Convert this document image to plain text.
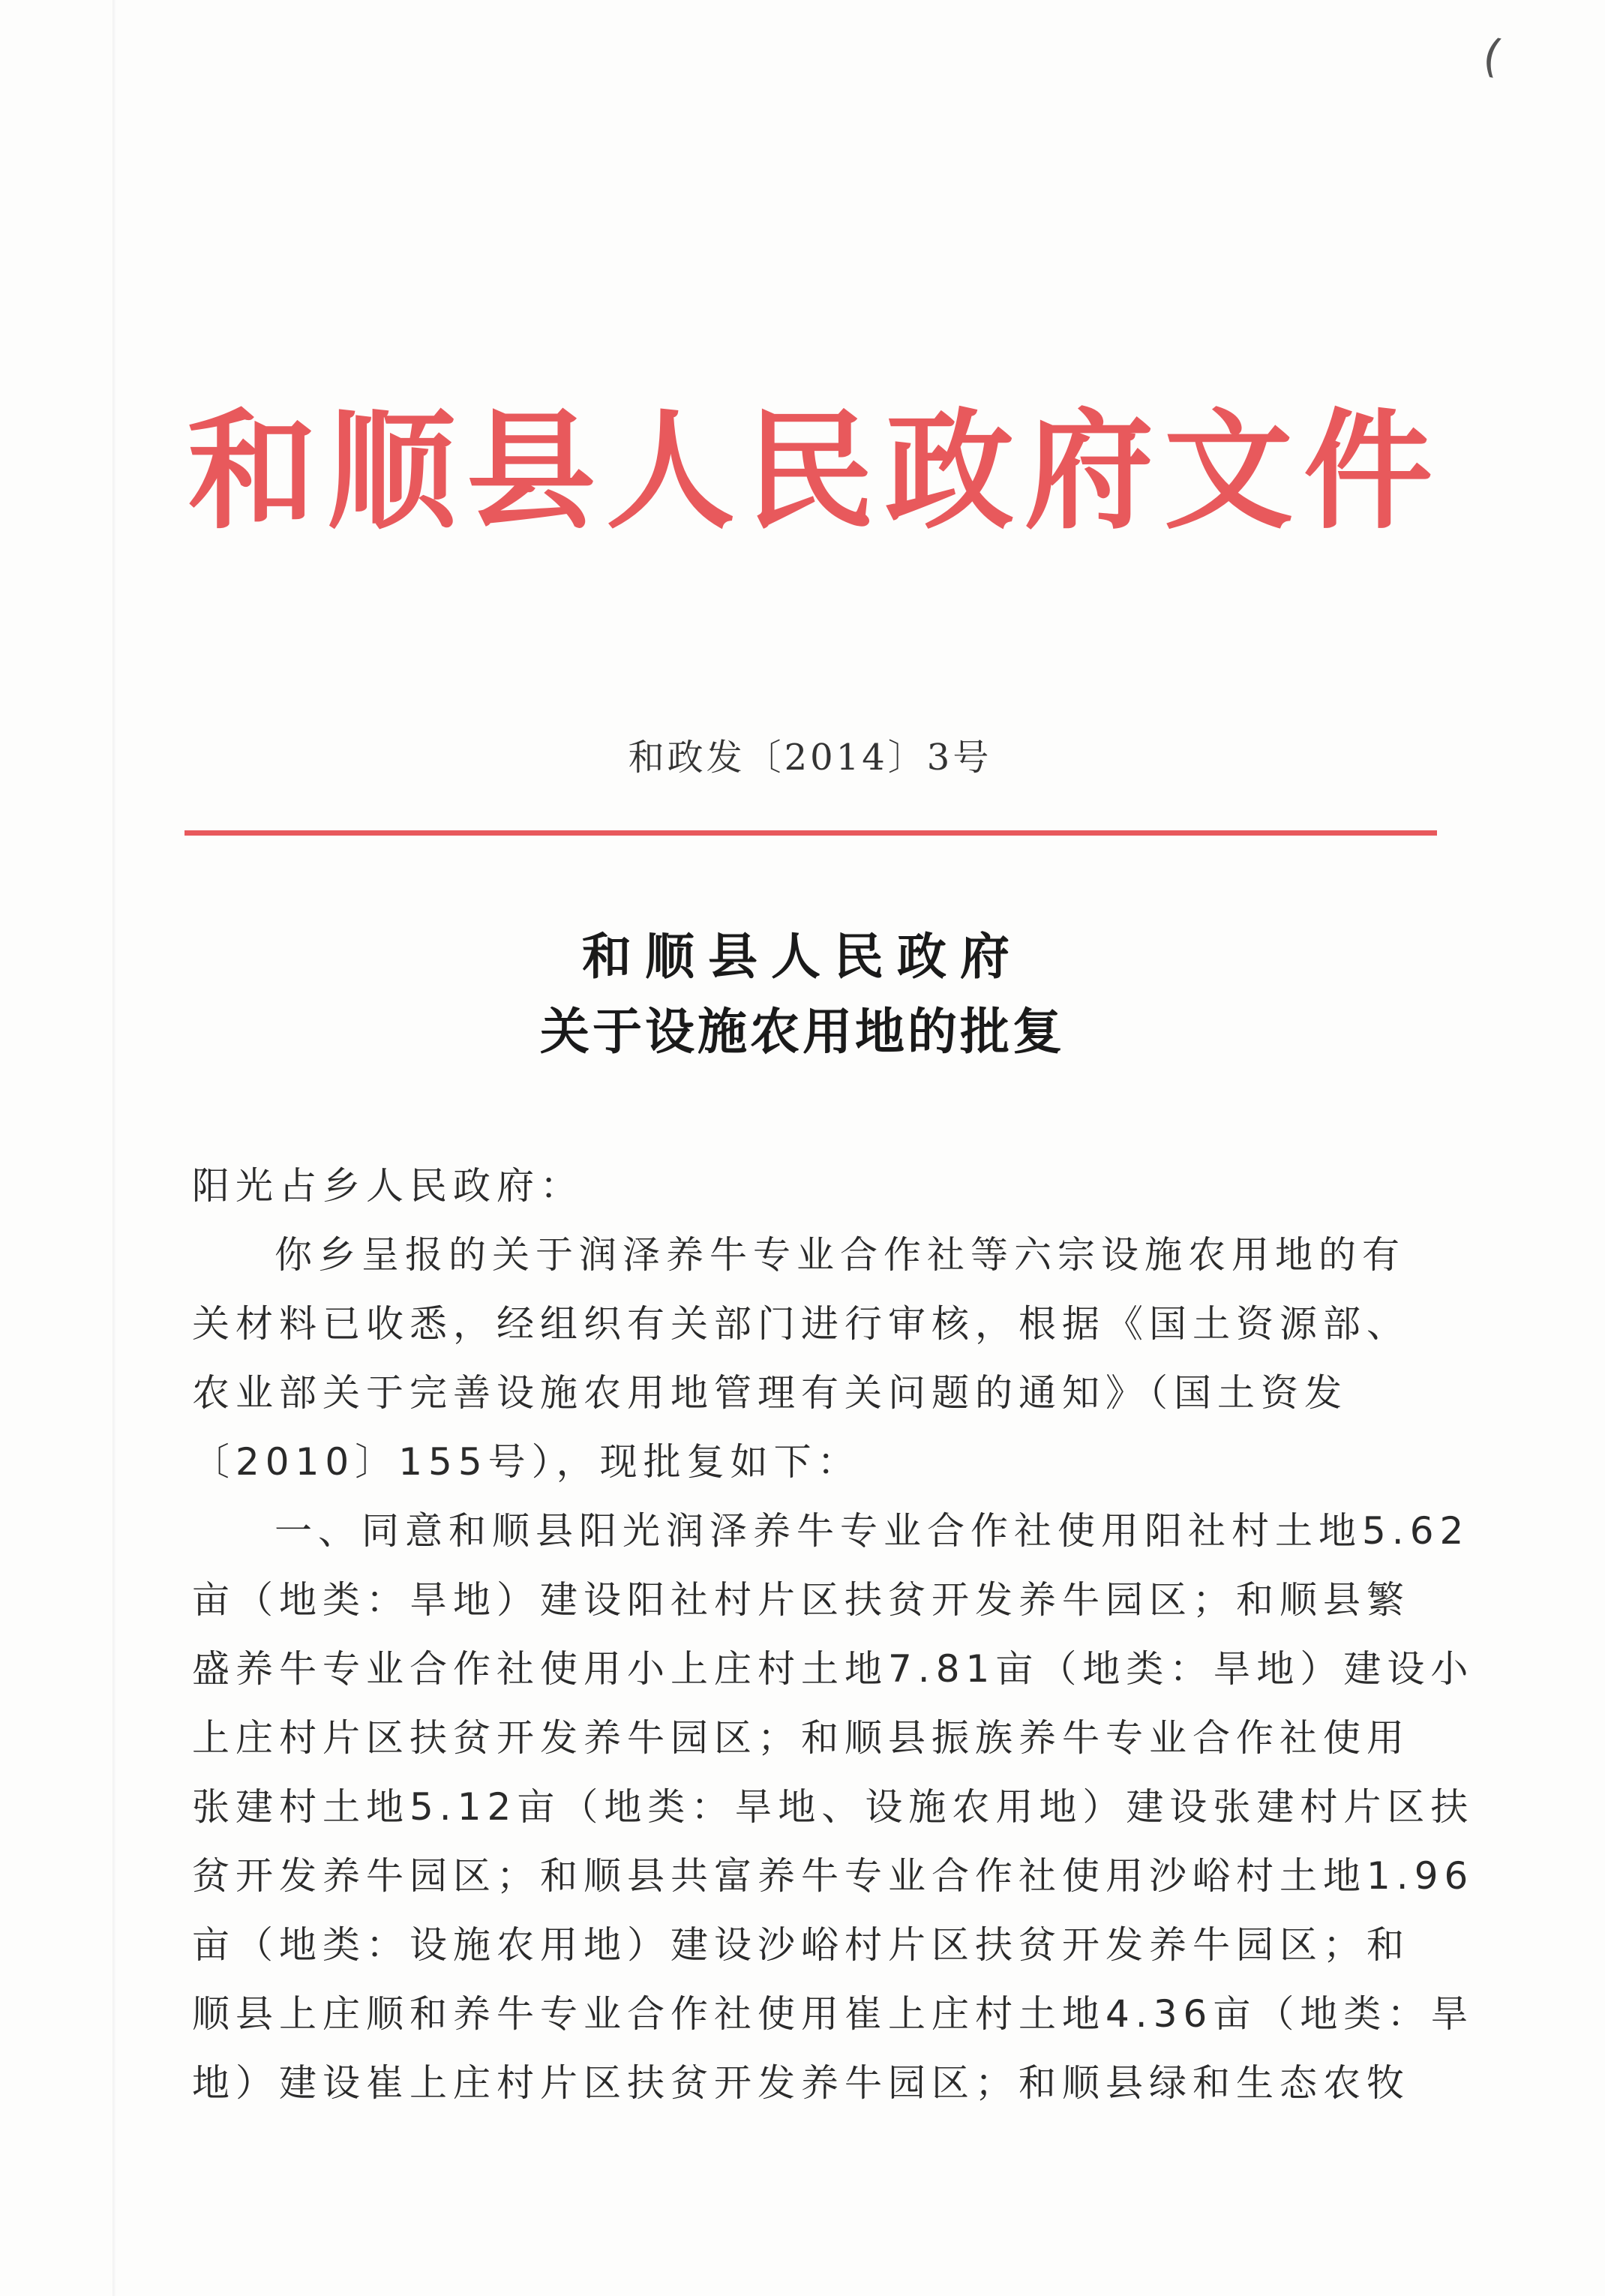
(
和顺县人民政府文件
和政发〔2014〕3号
和顺县人民政府
关于设施农用地的批复
阳光占乡人民政府：
你乡呈报的关于润泽养牛专业合作社等六宗设施农用地的有
关材料已收悉，经组织有关部门进行审核，根据《国土资源部、
农业部关于完善设施农用地管理有关问题的通知》（国土资发
〔2010〕155号），现批复如下：
一、同意和顺县阳光润泽养牛专业合作社使用阳社村土地5.62
亩（地类：旱地）建设阳社村片区扶贫开发养牛园区；和顺县繁
盛养牛专业合作社使用小上庄村土地7.81亩（地类：旱地）建设小
上庄村片区扶贫开发养牛园区；和顺县振族养牛专业合作社使用
张建村土地5.12亩（地类：旱地、设施农用地）建设张建村片区扶
贫开发养牛园区；和顺县共富养牛专业合作社使用沙峪村土地1.96
亩（地类：设施农用地）建设沙峪村片区扶贫开发养牛园区；和
顺县上庄顺和养牛专业合作社使用崔上庄村土地4.36亩（地类：旱
地）建设崔上庄村片区扶贫开发养牛园区；和顺县绿和生态农牧
